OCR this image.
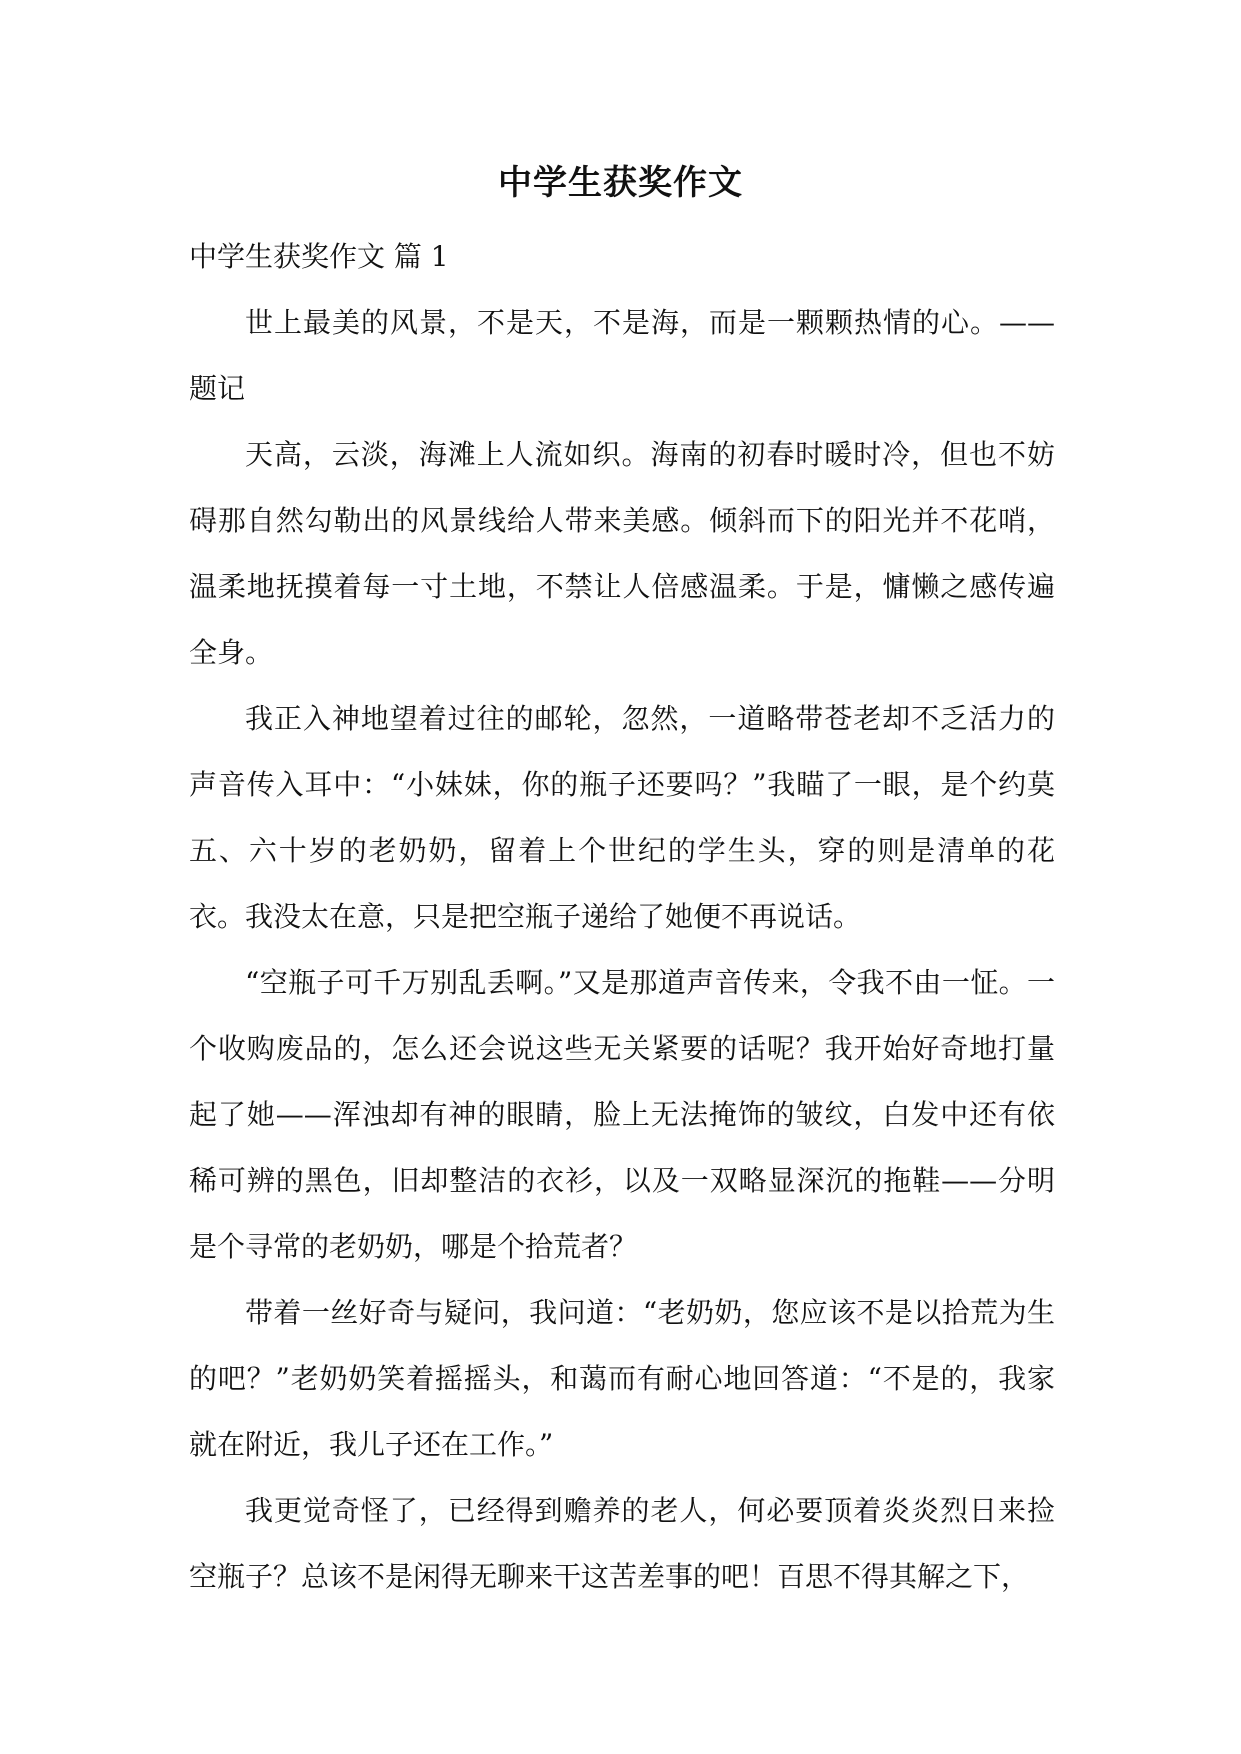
中学生获奖作文

中学生获奖作文 篇 1

世上最美的风景，不是天，不是海，而是一颗颗热情的心。——题记

天高，云淡，海滩上人流如织。海南的初春时暖时冷，但也不妨碍那自然勾勒出的风景线给人带来美感。倾斜而下的阳光并不花哨，温柔地抚摸着每一寸土地，不禁让人倍感温柔。于是，慵懒之感传遍全身。

我正入神地望着过往的邮轮，忽然，一道略带苍老却不乏活力的声音传入耳中：“小妹妹，你的瓶子还要吗？”我瞄了一眼，是个约莫五、六十岁的老奶奶，留着上个世纪的学生头，穿的则是清单的花衣。我没太在意，只是把空瓶子递给了她便不再说话。

“空瓶子可千万别乱丢啊。”又是那道声音传来，令我不由一怔。一个收购废品的，怎么还会说这些无关紧要的话呢？我开始好奇地打量起了她——浑浊却有神的眼睛，脸上无法掩饰的皱纹，白发中还有依稀可辨的黑色，旧却整洁的衣衫，以及一双略显深沉的拖鞋——分明是个寻常的老奶奶，哪是个拾荒者？

带着一丝好奇与疑问，我问道：“老奶奶，您应该不是以拾荒为生的吧？”老奶奶笑着摇摇头，和蔼而有耐心地回答道：“不是的，我家就在附近，我儿子还在工作。”

我更觉奇怪了，已经得到赡养的老人，何必要顶着炎炎烈日来捡空瓶子？总该不是闲得无聊来干这苦差事的吧！百思不得其解之下，
